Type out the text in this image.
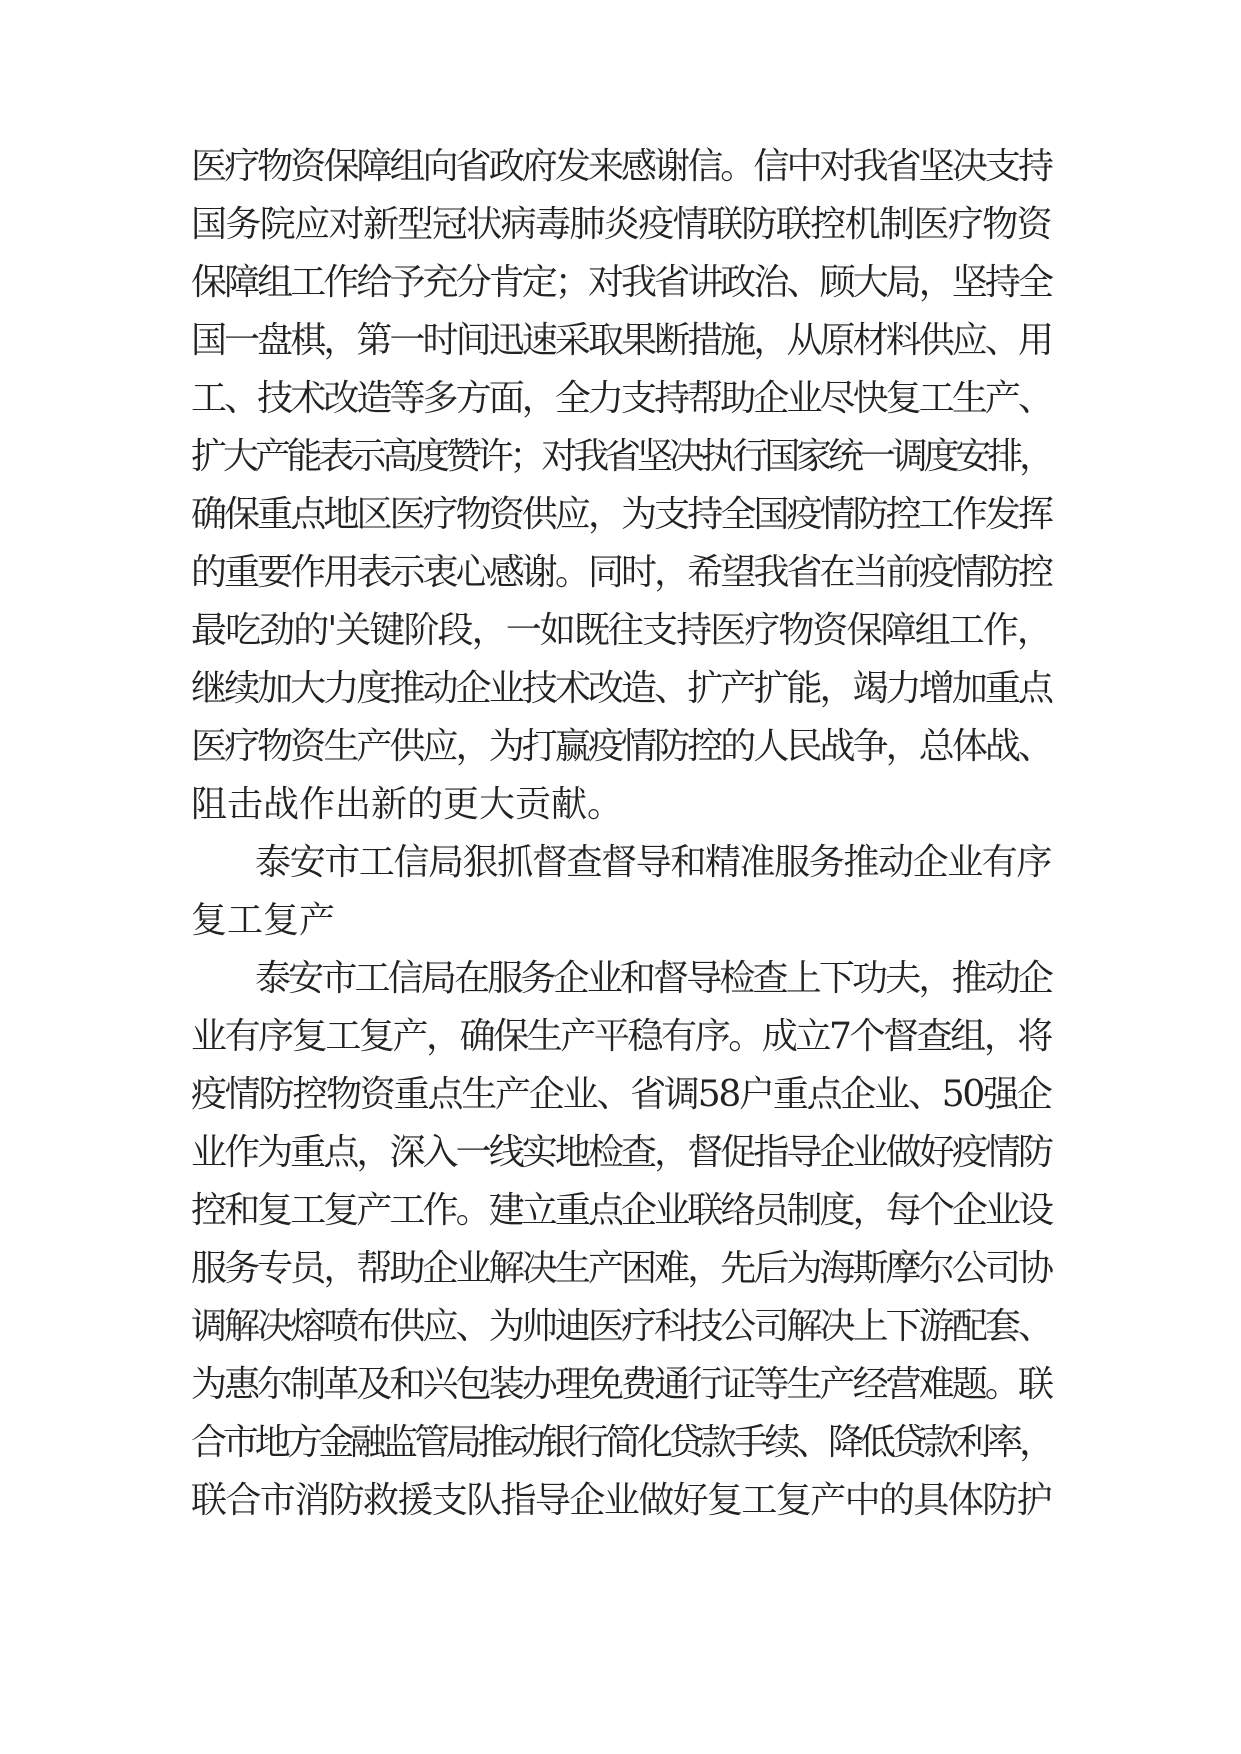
医疗物资保障组向省政府发来感谢信。信中对我省坚决支持
国务院应对新型冠状病毒肺炎疫情联防联控机制医疗物资
保障组工作给予充分肯定；对我省讲政治、顾大局，坚持全
国一盘棋，第一时间迅速采取果断措施，从原材料供应、用
工、技术改造等多方面，全力支持帮助企业尽快复工生产、
扩大产能表示高度赞许；对我省坚决执行国家统一调度安排，
确保重点地区医疗物资供应，为支持全国疫情防控工作发挥
的重要作用表示衷心感谢。同时，希望我省在当前疫情防控
最吃劲的'关键阶段，一如既往支持医疗物资保障组工作，
继续加大力度推动企业技术改造、扩产扩能，竭力增加重点
医疗物资生产供应，为打赢疫情防控的人民战争，总体战、
阻击战作出新的更大贡献。
泰安市工信局狠抓督查督导和精准服务推动企业有序
复工复产
泰安市工信局在服务企业和督导检查上下功夫，推动企
业有序复工复产，确保生产平稳有序。成立7个督查组，将
疫情防控物资重点生产企业、省调58户重点企业、50强企
业作为重点，深入一线实地检查，督促指导企业做好疫情防
控和复工复产工作。建立重点企业联络员制度，每个企业设
服务专员，帮助企业解决生产困难，先后为海斯摩尔公司协
调解决熔喷布供应、为帅迪医疗科技公司解决上下游配套、
为惠尔制革及和兴包装办理免费通行证等生产经营难题。联
合市地方金融监管局推动银行简化贷款手续、降低贷款利率，
联合市消防救援支队指导企业做好复工复产中的具体防护
